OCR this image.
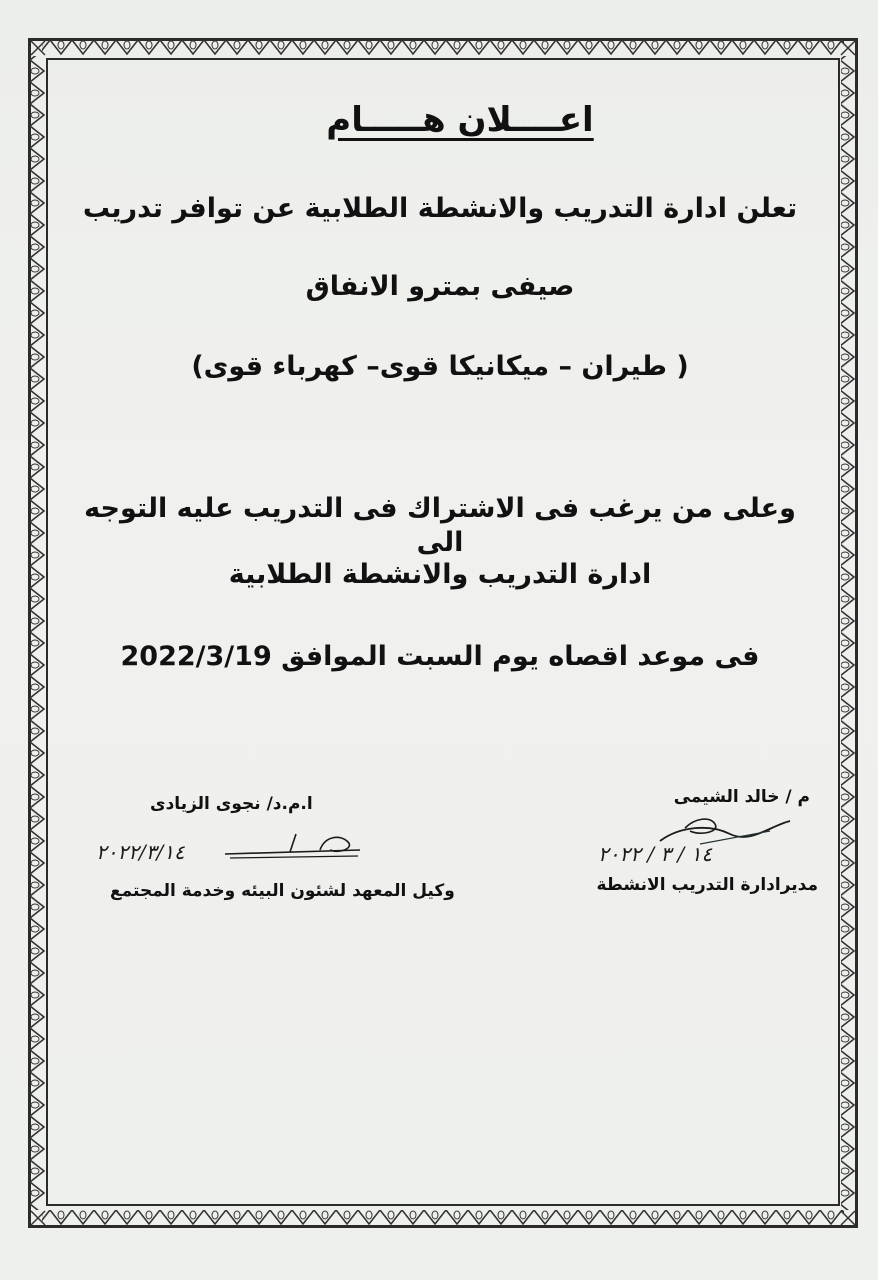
اعــــلان هـــــام
تعلن ادارة التدريب والانشطة الطلابية عن توافر تدريب
صيفى بمترو الانفاق
( طيران – ميكانيكا قوى– كهرباء قوى)
وعلى من يرغب فى الاشتراك فى التدريب عليه التوجه الى
ادارة التدريب والانشطة الطلابية
فى موعد اقصاه يوم السبت الموافق 2022/3/19
م / خالد الشيمى
١٤ / ٣ / ٢٠٢٢
مديرادارة التدريب الانشطة
ا.م.د/ نجوى الزيادى
٢٠٢٢/٣/١٤
وكيل المعهد لشئون البيئه وخدمة المجتمع
